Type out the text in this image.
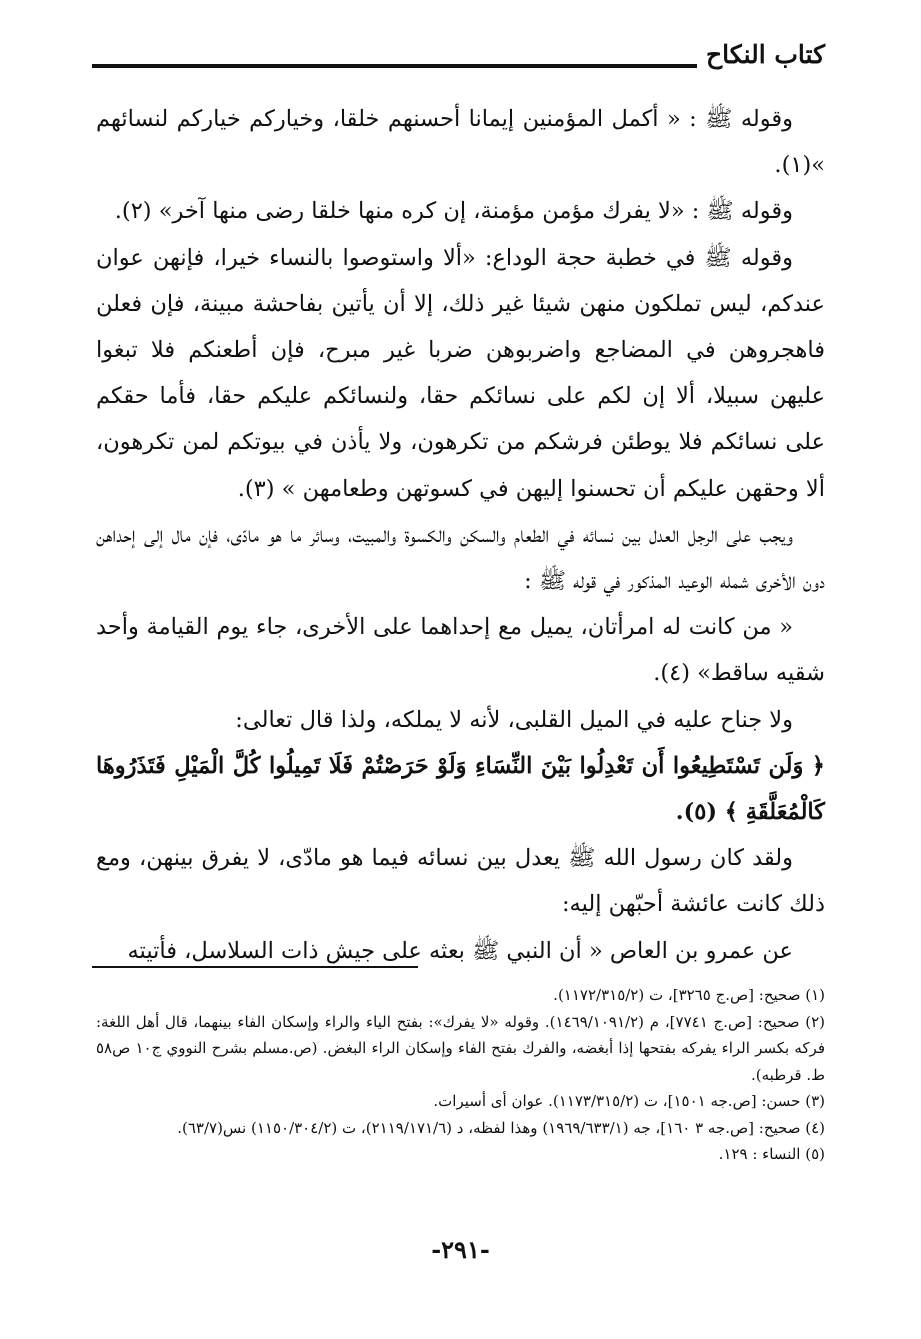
كتاب النكاح

وقوله ﷺ : « أكمل المؤمنين إيمانا أحسنهم خلقا، وخياركم خياركم لنسائهم »(١).

وقوله ﷺ : «لا يفرك مؤمن مؤمنة، إن كره منها خلقا رضى منها آخر» (٢).

وقوله ﷺ في خطبة حجة الوداع: «ألا واستوصوا بالنساء خيرا، فإنهن عوان عندكم، ليس تملكون منهن شيئا غير ذلك، إلا أن يأتين بفاحشة مبينة، فإن فعلن فاهجروهن في المضاجع واضربوهن ضربا غير مبرح، فإن أطعنكم فلا تبغوا عليهن سبيلا، ألا إن لكم على نسائكم حقا، ولنسائكم عليكم حقا، فأما حقكم على نسائكم فلا يوطئن فرشكم من تكرهون، ولا يأذن في بيوتكم لمن تكرهون، ألا وحقهن عليكم أن تحسنوا إليهن في كسوتهن وطعامهن » (٣).

ويجب على الرجل العدل بين نسائه في الطعام والسكن والكسوة والمبيت، وسائر ما هو مادّى، فإن مال إلى إحداهن دون الأخرى شمله الوعيد المذكور في قوله ﷺ :

« من كانت له امرأتان، يميل مع إحداهما على الأخرى، جاء يوم القيامة وأحد شقيه ساقط» (٤).

ولا جناح عليه في الميل القلبى، لأنه لا يملكه، ولذا قال تعالى:

﴿ وَلَن تَسْتَطِيعُوا أَن تَعْدِلُوا بَيْنَ النِّسَاءِ وَلَوْ حَرَصْتُمْ فَلَا تَمِيلُوا كُلَّ الْمَيْلِ فَتَذَرُوهَا كَالْمُعَلَّقَةِ ﴾ (٥).

ولقد كان رسول الله ﷺ يعدل بين نسائه فيما هو مادّى، لا يفرق بينهن، ومع ذلك كانت عائشة أحبّهن إليه:

عن عمرو بن العاص « أن النبي ﷺ بعثه على جيش ذات السلاسل، فأتيته

(١) صحيح: [ص.ج ٣٢٦٥]، ت (١١٧٢/٣١٥/٢).

(٢) صحيح: [ص.ج ٧٧٤١]، م (١٤٦٩/١٠٩١/٢). وقوله «لا يفرك»: بفتح الياء والراء وإسكان الفاء بينهما، قال أهل اللغة: فركه بكسر الراء يفركه بفتحها إذا أبغضه، والفرك بفتح الفاء وإسكان الراء البغض. (ص.مسلم بشرح النووي ج١٠ ص٥٨ ط. قرطبه).

(٣) حسن: [ص.جه ١٥٠١]، ت (١١٧٣/٣١٥/٢). عوان أى أسيرات.

(٤) صحيح: [ص.جه ٣ ١٦٠]، جه (١٩٦٩/٦٣٣/١) وهذا لفظه، د (٢١١٩/١٧١/٦)، ت (١١٥٠/٣٠٤/٢) نس(٦٣/٧).

(٥) النساء : ١٢٩.

-٢٩١-
